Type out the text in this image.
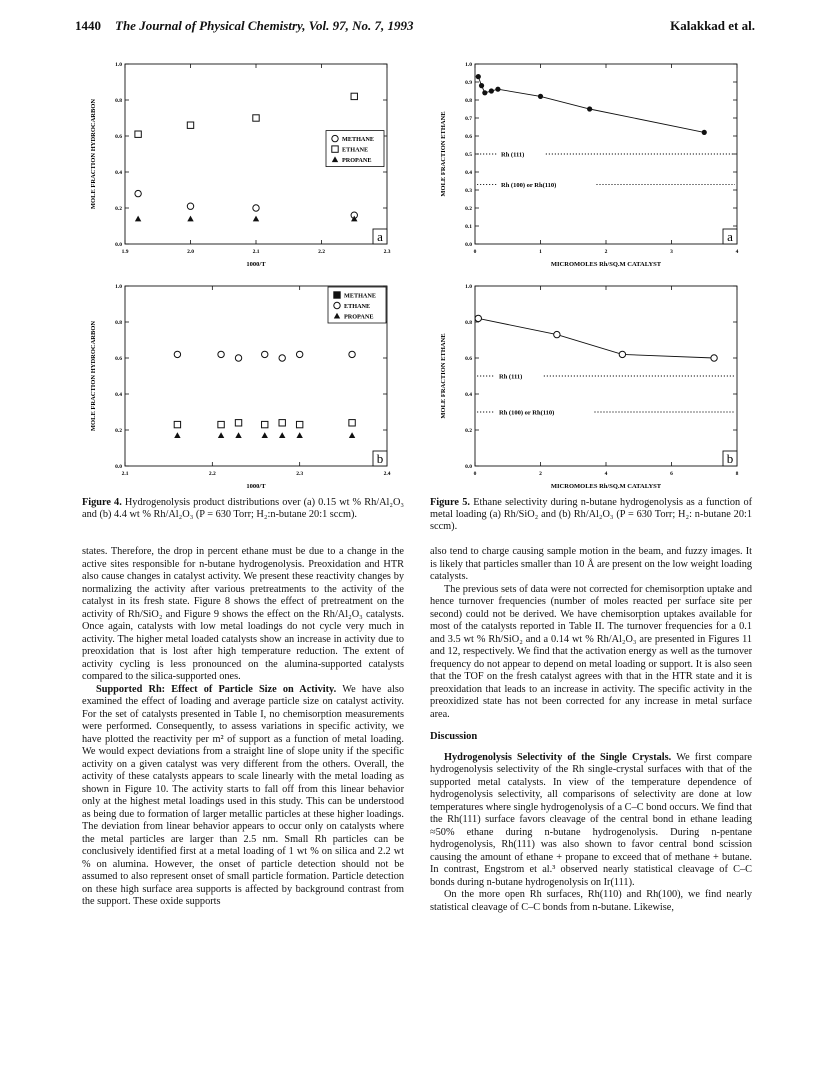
1440 The Journal of Physical Chemistry, Vol. 97, No. 7, 1993	Kalakkad et al.
1.9	2.0	2.1	2.2	2.3
0.0
0.2
0.4
0.6
0.8
1.0
1000/T
MOLE FRACTION HYDROCARBON
a
METHANE
ETHANE
PROPANE
2.1	2.2	2.3	2.4
0.0
0.2
0.4
0.6
0.8
1.0
1000/T
MOLE FRACTION HYDROCARBON
b
METHANE
ETHANE
PROPANE
0	1	2	3	4
0.0
0.1
0.2
0.3
0.4
0.5
0.6
0.7
0.8
0.9
1.0
MICROMOLES Rh/SQ.M CATALYST
MOLE FRACTION ETHANE
a
Rh (111)
Rh (100) or Rh(110)
0	2	4	6	8
0.0
0.2
0.4
0.6
0.8
1.0
MICROMOLES Rh/SQ.M CATALYST
MOLE FRACTION ETHANE
b
Rh (111)
Rh (100) or Rh(110)
Figure 4. Hydrogenolysis product distributions over (a) 0.15 wt % Rh/Al₂O₃ and (b) 4.4 wt % Rh/Al₂O₃ (P = 630 Torr; H₂:n-butane 20:1 sccm).
Figure 5. Ethane selectivity during n-butane hydrogenolysis as a function of metal loading (a) Rh/SiO₂ and (b) Rh/Al₂O₃ (P = 630 Torr; H₂: n-butane 20:1 sccm).

states. Therefore, the drop in percent ethane must be due to a change in the active sites responsible for n-butane hydrogenolysis. Preoxidation and HTR also cause changes in catalyst activity. We present these reactivity changes by normalizing the activity after various pretreatments to the activity of the catalyst in its fresh state. Figure 8 shows the effect of pretreatment on the activity of Rh/SiO₂ and Figure 9 shows the effect on the Rh/Al₂O₃ catalysts. Once again, catalysts with low metal loadings do not cycle very much in activity. The higher metal loaded catalysts show an increase in activity due to preoxidation that is lost after high temperature reduction. The extent of activity cycling is less pronounced on the alumina-supported catalysts compared to the silica-supported ones.

Supported Rh: Effect of Particle Size on Activity. We have also examined the effect of loading and average particle size on catalyst activity. For the set of catalysts presented in Table I, no chemisorption measurements were performed. Consequently, to assess variations in specific activity, we have plotted the reactivity per m² of support as a function of metal loading. We would expect deviations from a straight line of slope unity if the specific activity on a given catalyst was very different from the others. Overall, the activity of these catalysts appears to scale linearly with the metal loading as shown in Figure 10. The activity starts to fall off from this linear behavior only at the highest metal loadings used in this study. This can be understood as being due to formation of larger metallic particles at these higher loadings. The deviation from linear behavior appears to occur only on catalysts where the metal particles are larger than 2.5 nm. Small Rh particles can be conclusively identified first at a metal loading of 1 wt % on silica and 2.2 wt % on alumina. However, the onset of particle detection should not be assumed to also represent onset of small particle formation. Particle detection on these high surface area supports is affected by background contrast from the support. These oxide supports

also tend to charge causing sample motion in the beam, and fuzzy images. It is likely that particles smaller than 10 Å are present on the low weight loading catalysts.

The previous sets of data were not corrected for chemisorption uptake and hence turnover frequencies (number of moles reacted per surface site per second) could not be derived. We have chemisorption uptakes available for most of the catalysts reported in Table II. The turnover frequencies for a 0.1 and 3.5 wt % Rh/SiO₂ and a 0.14 wt % Rh/Al₂O₃ are presented in Figures 11 and 12, respectively. We find that the activation energy as well as the turnover frequency do not appear to depend on metal loading or support. It is also seen that the TOF on the fresh catalyst agrees with that in the HTR state and it is preoxidation that leads to an increase in activity. The specific activity in the preoxidized state has not been corrected for any increase in metal surface area.

Discussion

Hydrogenolysis Selectivity of the Single Crystals. We first compare hydrogenolysis selectivity of the Rh single-crystal surfaces with that of the supported metal catalysts. In view of the temperature dependence of hydrogenolysis selectivity, all comparisons of selectivity are done at low temperatures where single hydrogenolysis of a C–C bond occurs. We find that the Rh(111) surface favors cleavage of the central bond in ethane leading ≈50% ethane during n-butane hydrogenolysis. During n-pentane hydrogenolysis, Rh(111) was also shown to favor central bond scission causing the amount of ethane + propane to exceed that of methane + butane. In contrast, Engstrom et al.³ observed nearly statistical cleavage of C–C bonds during n-butane hydrogenolysis on Ir(111).

On the more open Rh surfaces, Rh(110) and Rh(100), we find nearly statistical cleavage of C–C bonds from n-butane. Likewise,
